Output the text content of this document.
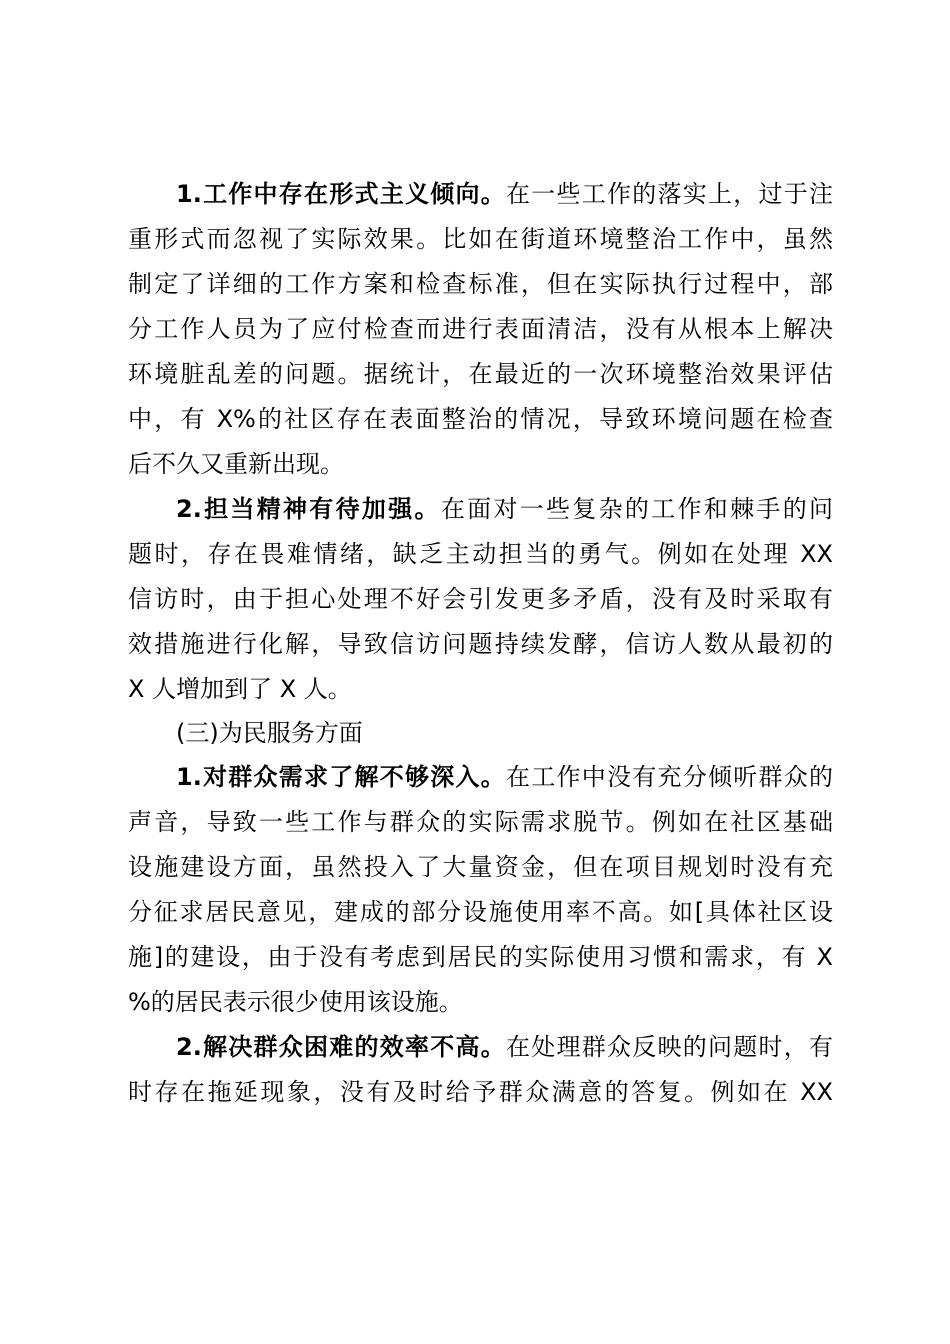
1.工作中存在形式主义倾向。在一些工作的落实上，过于注
重形式而忽视了实际效果。比如在街道环境整治工作中，虽然
制定了详细的工作方案和检查标准，但在实际执行过程中，部
分工作人员为了应付检查而进行表面清洁，没有从根本上解决
环境脏乱差的问题。据统计，在最近的一次环境整治效果评估
中，有 X%的社区存在表面整治的情况，导致环境问题在检查
后不久又重新出现。
2.担当精神有待加强。在面对一些复杂的工作和棘手的问
题时，存在畏难情绪，缺乏主动担当的勇气。例如在处理 XX
信访时，由于担心处理不好会引发更多矛盾，没有及时采取有
效措施进行化解，导致信访问题持续发酵，信访人数从最初的
X 人增加到了 X 人。
(三)为民服务方面
1.对群众需求了解不够深入。在工作中没有充分倾听群众的
声音，导致一些工作与群众的实际需求脱节。例如在社区基础
设施建设方面，虽然投入了大量资金，但在项目规划时没有充
分征求居民意见，建成的部分设施使用率不高。如[具体社区设
施]的建设，由于没有考虑到居民的实际使用习惯和需求，有 X
%的居民表示很少使用该设施。
2.解决群众困难的效率不高。在处理群众反映的问题时，有
时存在拖延现象，没有及时给予群众满意的答复。例如在 XX
